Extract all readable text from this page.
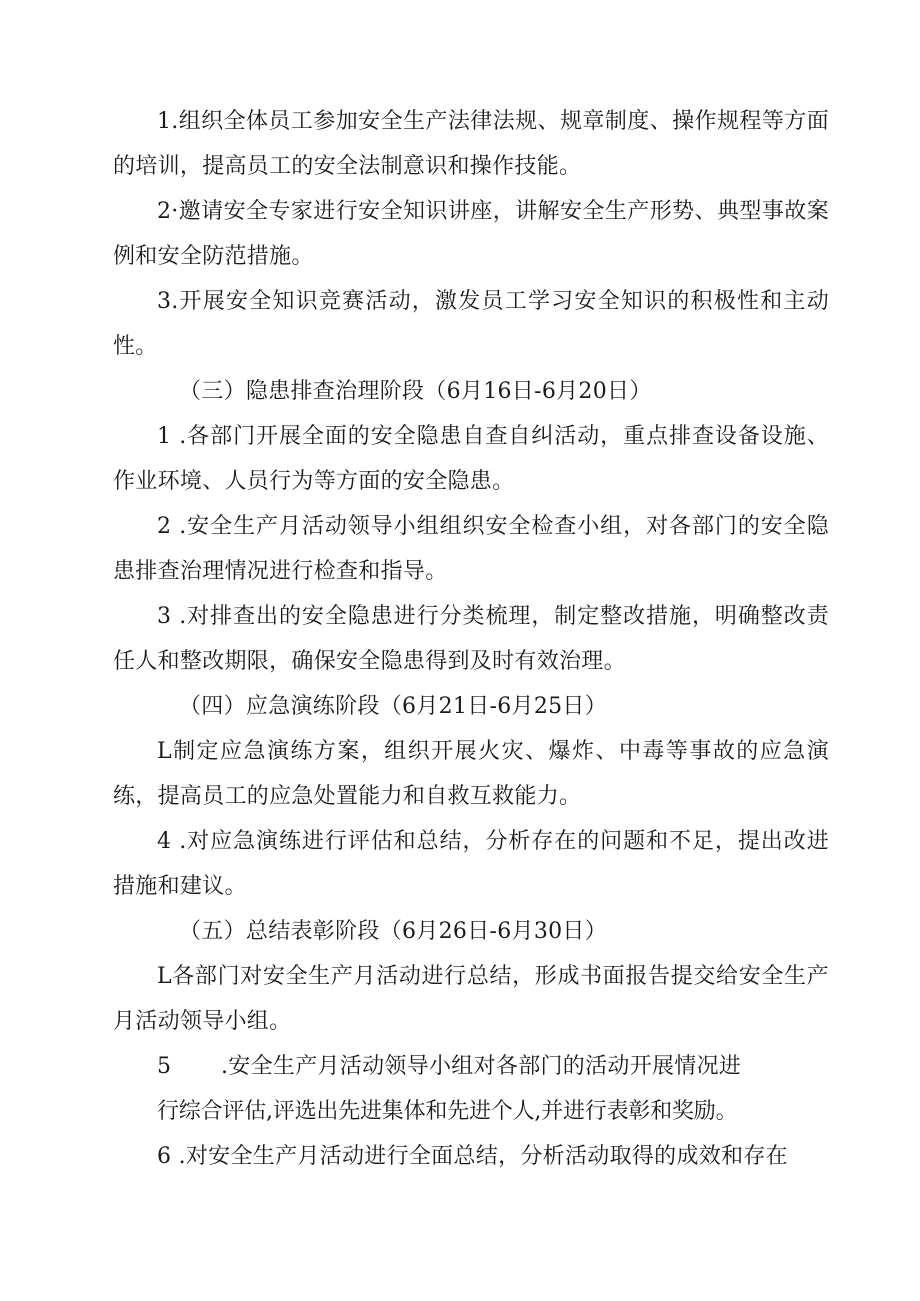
1.组织全体员工参加安全生产法律法规、规章制度、操作规程等方面的培训，提高员工的安全法制意识和操作技能。

2·邀请安全专家进行安全知识讲座，讲解安全生产形势、典型事故案例和安全防范措施。

3.开展安全知识竞赛活动，激发员工学习安全知识的积极性和主动性。

（三）隐患排查治理阶段（6月16日-6月20日）

1 .各部门开展全面的安全隐患自查自纠活动，重点排查设备设施、作业环境、人员行为等方面的安全隐患。

2 .安全生产月活动领导小组组织安全检查小组，对各部门的安全隐患排查治理情况进行检查和指导。

3 .对排查出的安全隐患进行分类梳理，制定整改措施，明确整改责任人和整改期限，确保安全隐患得到及时有效治理。

（四）应急演练阶段（6月21日-6月25日）

L制定应急演练方案，组织开展火灾、爆炸、中毒等事故的应急演练，提高员工的应急处置能力和自救互救能力。

4 .对应急演练进行评估和总结，分析存在的问题和不足，提出改进措施和建议。

（五）总结表彰阶段（6月26日-6月30日）

L各部门对安全生产月活动进行总结，形成书面报告提交给安全生产月活动领导小组。

5 .安全生产月活动领导小组对各部门的活动开展情况进
行综合评估,评选出先进集体和先进个人,并进行表彰和奖励。

6 .对安全生产月活动进行全面总结，分析活动取得的成效和存在
